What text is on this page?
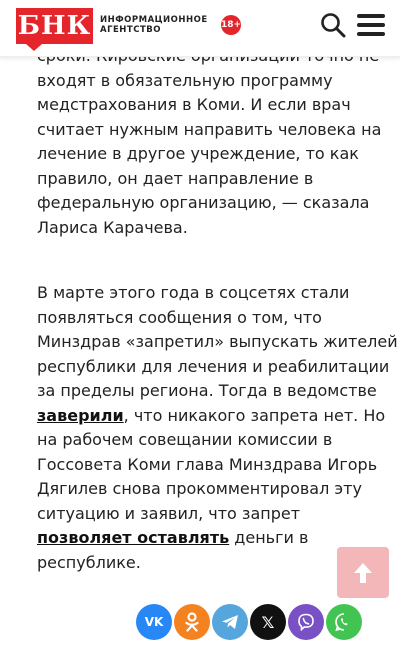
входят в обязательную программу
медстрахования в Коми. И если врач
считает нужным направить человека на
лечение в другое учреждение, то как
правило, он дает направление в
федеральную организацию, — сказала
Лариса Карачева.

В марте этого года в соцсетях стали
появляться сообщения о том, что
Минздрав «запретил» выпускать жителей
республики для лечения и реабилитации
за пределы региона. Тогда в ведомстве
заверили, что никакого запрета нет. Но
на рабочем совещании комиссии в
Госсовета Коми глава Минздрава Игорь
Дягилев снова прокомментировал эту
ситуацию и заявил, что запрет
позволяет оставлять деньги в
республике.

БНК ИНФОРМАЦИОННОЕ
АГЕНТСТВО	18+
VK	𝕏
